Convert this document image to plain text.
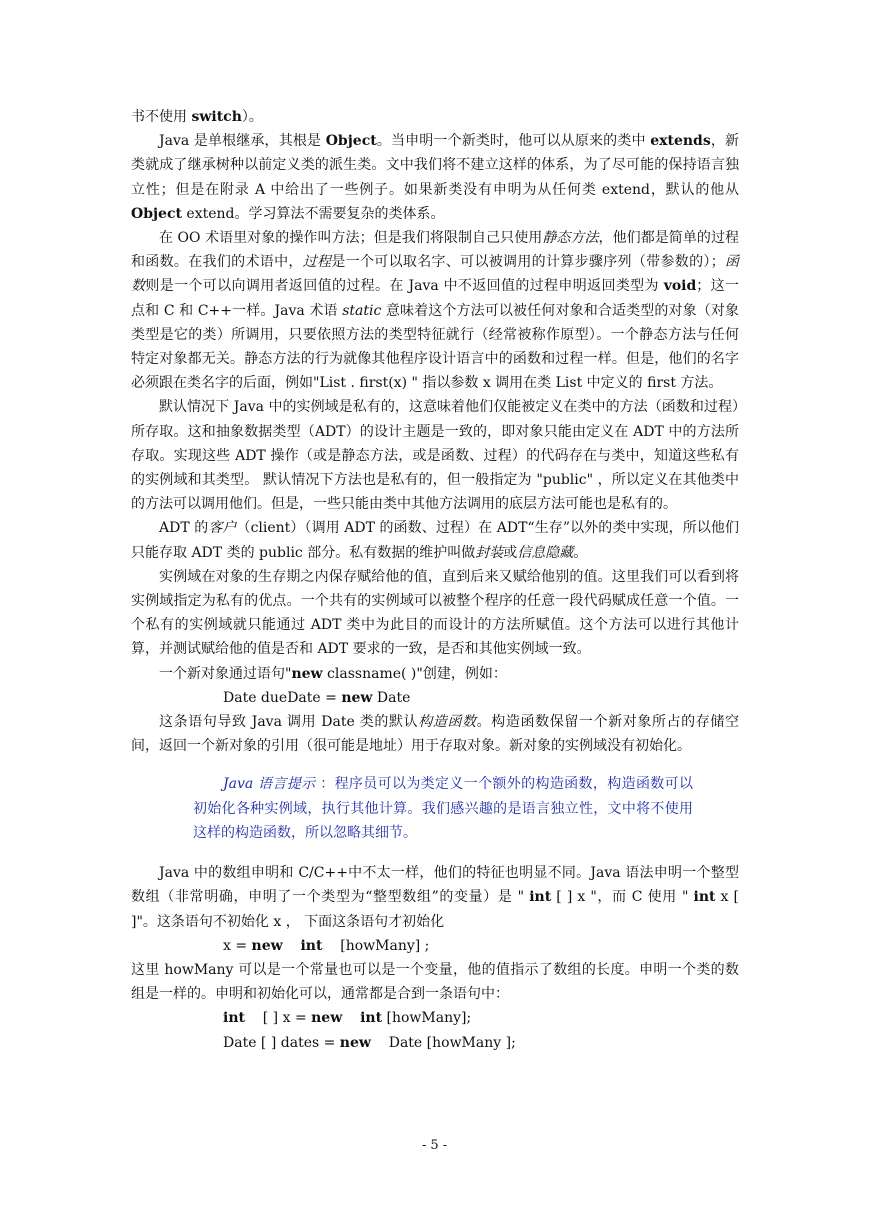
书不使用 switch）。

Java 是单根继承，其根是 Object。当申明一个新类时，他可以从原来的类中 extends，新类就成了继承树种以前定义类的派生类。文中我们将不建立这样的体系，为了尽可能的保持语言独立性；但是在附录 A 中给出了一些例子。如果新类没有申明为从任何类 extend，默认的他从 Object extend。学习算法不需要复杂的类体系。

在 OO 术语里对象的操作叫方法；但是我们将限制自己只使用静态方法，他们都是简单的过程和函数。在我们的术语中，过程是一个可以取名字、可以被调用的计算步骤序列（带参数的）；函数则是一个可以向调用者返回值的过程。在 Java 中不返回值的过程申明返回类型为 void；这一点和 C 和 C++一样。Java 术语 static 意味着这个方法可以被任何对象和合适类型的对象（对象类型是它的类）所调用，只要依照方法的类型特征就行（经常被称作原型）。一个静态方法与任何特定对象都无关。静态方法的行为就像其他程序设计语言中的函数和过程一样。但是，他们的名字必须跟在类名字的后面，例如"List . first(x) " 指以参数 x 调用在类 List 中定义的 first 方法。

默认情况下 Java 中的实例域是私有的，这意味着他们仅能被定义在类中的方法（函数和过程）所存取。这和抽象数据类型（ADT）的设计主题是一致的，即对象只能由定义在 ADT 中的方法所存取。实现这些 ADT 操作（或是静态方法，或是函数、过程）的代码存在与类中，知道这些私有的实例域和其类型。 默认情况下方法也是私有的，但一般指定为 "public" ，所以定义在其他类中的方法可以调用他们。但是，一些只能由类中其他方法调用的底层方法可能也是私有的。

ADT 的客户（client）（调用 ADT 的函数、过程）在 ADT“生存”以外的类中实现，所以他们只能存取 ADT 类的 public 部分。私有数据的维护叫做封装或信息隐藏。

实例域在对象的生存期之内保存赋给他的值，直到后来又赋给他别的值。这里我们可以看到将实例域指定为私有的优点。一个共有的实例域可以被整个程序的任意一段代码赋成任意一个值。一个私有的实例域就只能通过 ADT 类中为此目的而设计的方法所赋值。这个方法可以进行其他计算，并测试赋给他的值是否和 ADT 要求的一致，是否和其他实例域一致。

一个新对象通过语句"new classname( )"创建，例如：

Date dueDate = new Date

这条语句导致 Java 调用 Date 类的默认构造函数。构造函数保留一个新对象所占的存储空间，返回一个新对象的引用（很可能是地址）用于存取对象。新对象的实例域没有初始化。

Java 语言提示 ：程序员可以为类定义一个额外的构造函数，构造函数可以初始化各种实例域，执行其他计算。我们感兴趣的是语言独立性，文中将不使用这样的构造函数，所以忽略其细节。

Java 中的数组申明和 C/C++中不太一样，他们的特征也明显不同。Java 语法申明一个整型数组（非常明确，申明了一个类型为“整型数组”的变量）是 " int [ ] x "，而 C 使用 " int x [ ]"。这条语句不初始化 x ， 下面这条语句才初始化

x = new int    [howMany] ;

这里 howMany 可以是一个常量也可以是一个变量，他的值指示了数组的长度。申明一个类的数组是一样的。申明和初始化可以，通常都是合到一条语句中：

int    [ ] x = new int [howMany];

Date [ ] dates = new    Date [howMany ];

- 5 -
